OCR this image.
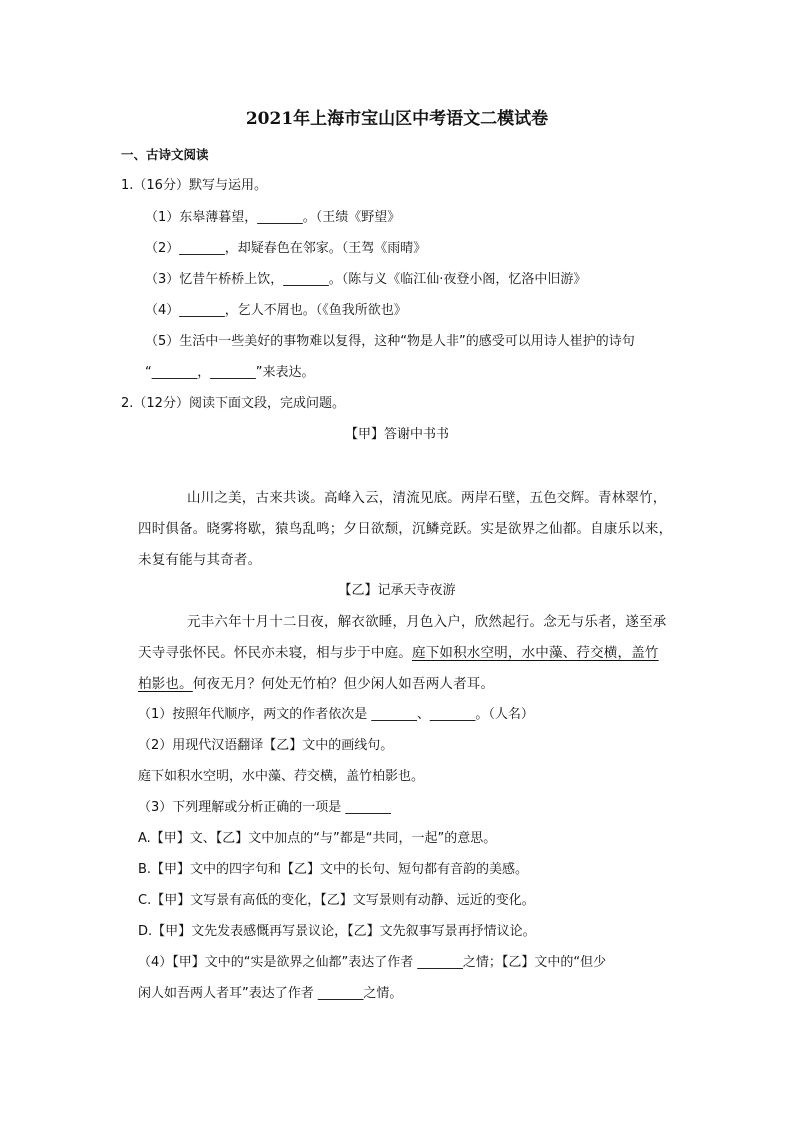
2021年上海市宝山区中考语文二模试卷
一、古诗文阅读
1.（16分）默写与运用。
（1）东皋薄暮望，_______。（王绩《野望》
（2）_______，却疑春色在邻家。（王驾《雨晴》
（3）忆昔午桥桥上饮，_______。（陈与义《临江仙·夜登小阁，忆洛中旧游》
（4）_______，乞人不屑也。（《鱼我所欲也》
（5）生活中一些美好的事物难以复得，这种“物是人非”的感受可以用诗人崔护的诗句
“_______，_______”来表达。
2.（12分）阅读下面文段，完成问题。
【甲】答谢中书书
山川之美，古来共谈。高峰入云，清流见底。两岸石壁，五色交辉。青林翠竹，
四时俱备。晓雾将歇，猿鸟乱鸣；夕日欲颓，沉鳞竞跃。实是欲界之仙都。自康乐以来，
未复有能与其奇者。
【乙】记承天寺夜游
元丰六年十月十二日夜，解衣欲睡，月色入户，欣然起行。念无与乐者，遂至承
天寺寻张怀民。怀民亦未寝，相与步于中庭。庭下如积水空明，水中藻、荇交横，盖竹
柏影也。何夜无月？何处无竹柏？但少闲人如吾两人者耳。
（1）按照年代顺序，两文的作者依次是 _______、_______。（人名）
（2）用现代汉语翻译【乙】文中的画线句。
庭下如积水空明，水中藻、荇交横，盖竹柏影也。
（3）下列理解或分析正确的一项是 _______
A.【甲】文、【乙】文中加点的“与”都是“共同，一起”的意思。
B.【甲】文中的四字句和【乙】文中的长句、短句都有音韵的美感。
C.【甲】文写景有高低的变化，【乙】文写景则有动静、远近的变化。
D.【甲】文先发表感慨再写景议论，【乙】文先叙事写景再抒情议论。
（4）【甲】文中的“实是欲界之仙都”表达了作者 _______之情；【乙】文中的“但少
闲人如吾两人者耳”表达了作者 _______之情。
